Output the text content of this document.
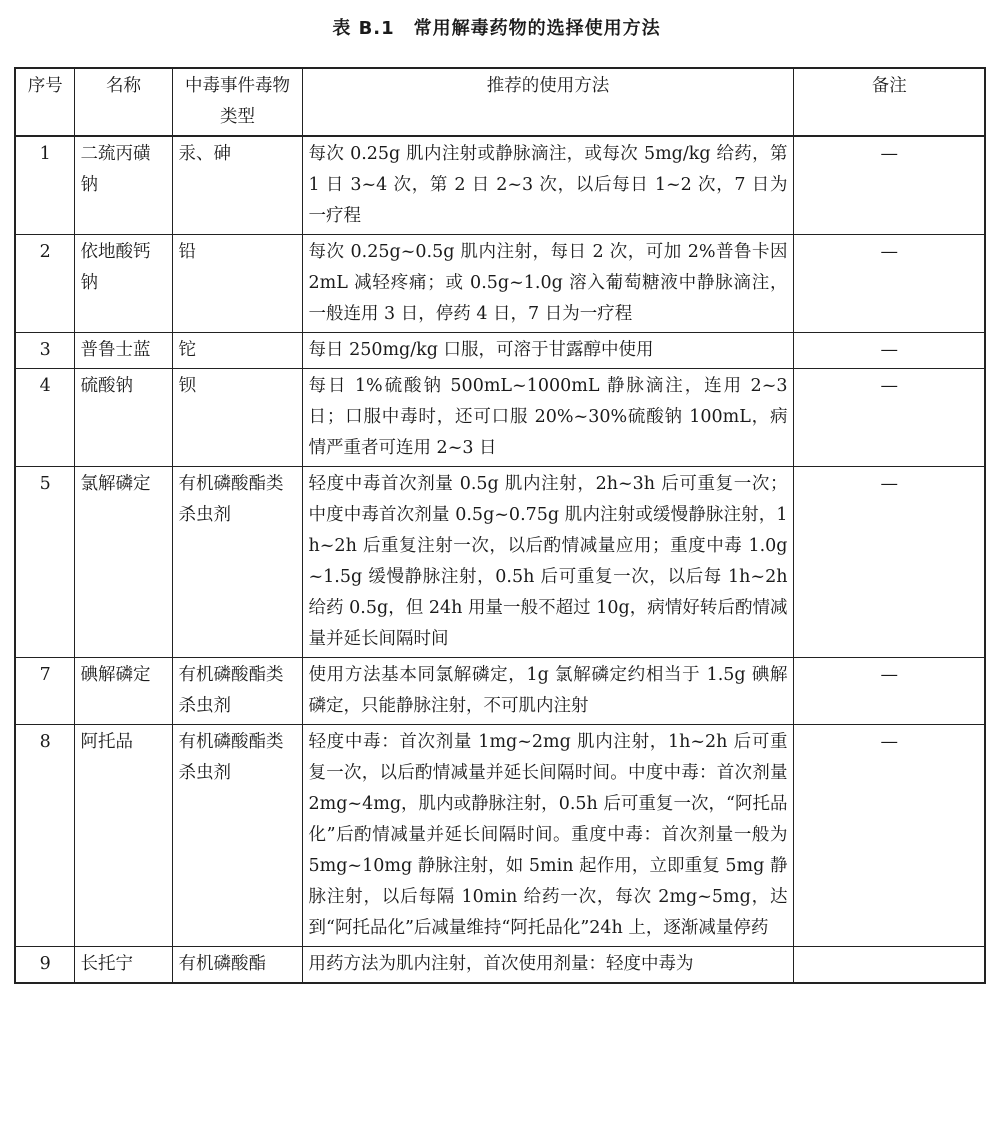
表 B.1　常用解毒药物的选择使用方法
序号	名称	中毒事件毒物类型	推荐的使用方法	备注
1	二巯丙磺钠	汞、砷	每次 0.25g 肌内注射或静脉滴注，或每次 5mg/kg 给药，第 1 日 3~4 次，第 2 日 2~3 次，以后每日 1~2 次，7 日为一疗程	—
2	依地酸钙钠	铅	每次 0.25g~0.5g 肌内注射，每日 2 次，可加 2%普鲁卡因 2mL 减轻疼痛；或 0.5g~1.0g 溶入葡萄糖液中静脉滴注，一般连用 3 日，停药 4 日，7 日为一疗程	—
3	普鲁士蓝	铊	每日 250mg/kg 口服，可溶于甘露醇中使用	—
4	硫酸钠	钡	每日 1%硫酸钠 500mL~1000mL 静脉滴注，连用 2~3 日；口服中毒时，还可口服 20%~30%硫酸钠 100mL，病情严重者可连用 2~3 日	—
5	氯解磷定	有机磷酸酯类杀虫剂	轻度中毒首次剂量 0.5g 肌内注射，2h~3h 后可重复一次；中度中毒首次剂量 0.5g~0.75g 肌内注射或缓慢静脉注射，1h~2h 后重复注射一次，以后酌情减量应用；重度中毒 1.0g~1.5g 缓慢静脉注射，0.5h 后可重复一次，以后每 1h~2h 给药 0.5g，但 24h 用量一般不超过 10g，病情好转后酌情减量并延长间隔时间	—
7	碘解磷定	有机磷酸酯类杀虫剂	使用方法基本同氯解磷定，1g 氯解磷定约相当于 1.5g 碘解磷定，只能静脉注射，不可肌内注射	—
8	阿托品	有机磷酸酯类杀虫剂	轻度中毒：首次剂量 1mg~2mg 肌内注射，1h~2h 后可重复一次，以后酌情减量并延长间隔时间。中度中毒：首次剂量 2mg~4mg，肌内或静脉注射，0.5h 后可重复一次，“阿托品化”后酌情减量并延长间隔时间。重度中毒：首次剂量一般为 5mg~10mg 静脉注射，如 5min 起作用，立即重复 5mg 静脉注射，以后每隔 10min 给药一次，每次 2mg~5mg，达到“阿托品化”后减量维持“阿托品化”24h 上，逐渐减量停药	—
9	长托宁	有机磷酸酯	用药方法为肌内注射，首次使用剂量：轻度中毒为	
